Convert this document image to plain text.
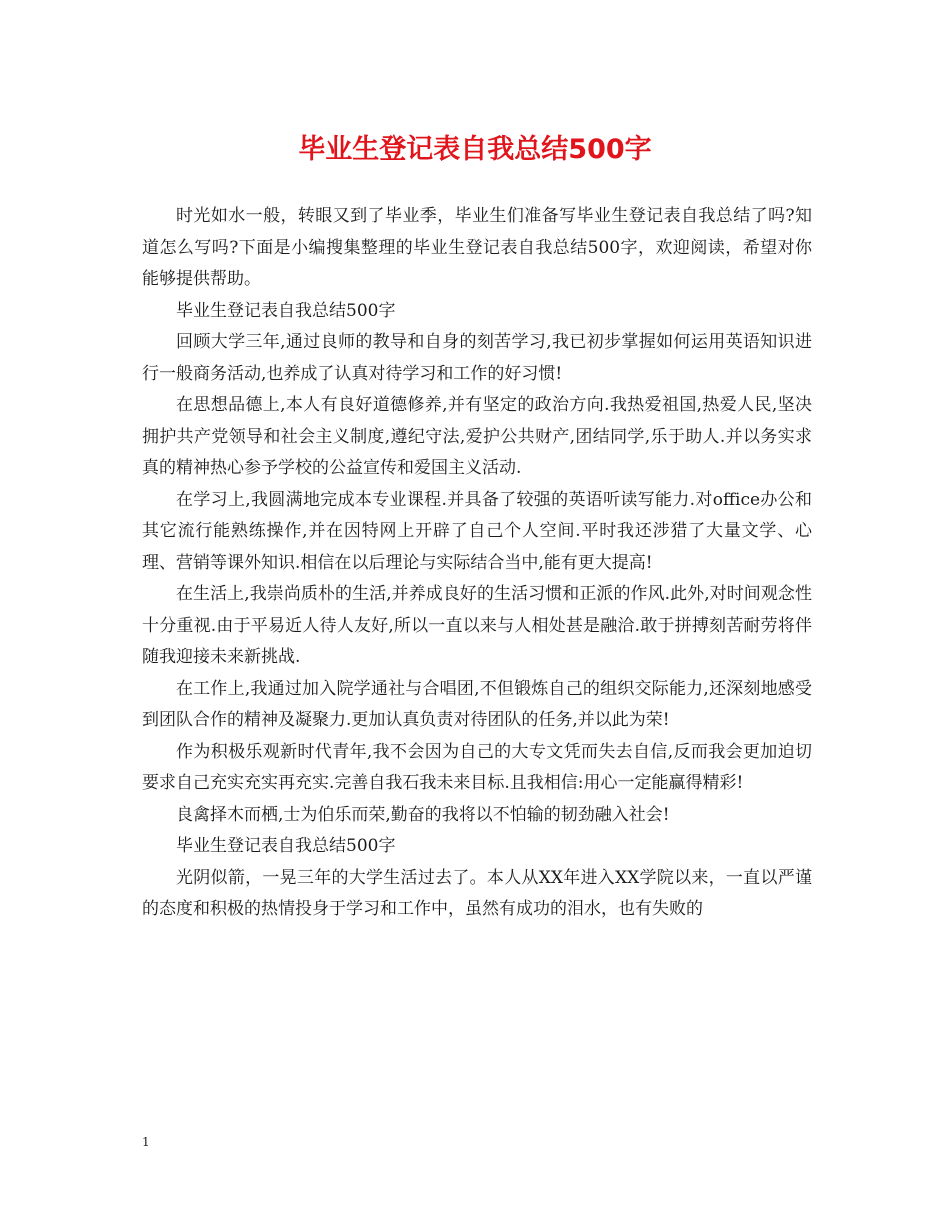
毕业生登记表自我总结500字

时光如水一般，转眼又到了毕业季，毕业生们准备写毕业生登记表自我总结了吗?知道怎么写吗?下面是小编搜集整理的毕业生登记表自我总结500字，欢迎阅读，希望对你能够提供帮助。

毕业生登记表自我总结500字

回顾大学三年,通过良师的教导和自身的刻苦学习,我已初步掌握如何运用英语知识进行一般商务活动,也养成了认真对待学习和工作的好习惯!

在思想品德上,本人有良好道德修养,并有坚定的政治方向.我热爱祖国,热爱人民,坚决拥护共产党领导和社会主义制度,遵纪守法,爱护公共财产,团结同学,乐于助人.并以务实求真的精神热心参予学校的公益宣传和爱国主义活动.

在学习上,我圆满地完成本专业课程.并具备了较强的英语听读写能力.对office办公和其它流行能熟练操作,并在因特网上开辟了自己个人空间.平时我还涉猎了大量文学、心理、营销等课外知识.相信在以后理论与实际结合当中,能有更大提高!

在生活上,我崇尚质朴的生活,并养成良好的生活习惯和正派的作风.此外,对时间观念性十分重视.由于平易近人待人友好,所以一直以来与人相处甚是融洽.敢于拼搏刻苦耐劳将伴随我迎接未来新挑战.

在工作上,我通过加入院学通社与合唱团,不但锻炼自己的组织交际能力,还深刻地感受到团队合作的精神及凝聚力.更加认真负责对待团队的任务,并以此为荣!

作为积极乐观新时代青年,我不会因为自己的大专文凭而失去自信,反而我会更加迫切要求自己充实充实再充实.完善自我石我未来目标.且我相信:用心一定能赢得精彩!

良禽择木而栖,士为伯乐而荣,勤奋的我将以不怕输的韧劲融入社会!

毕业生登记表自我总结500字

光阴似箭，一晃三年的大学生活过去了。本人从XX年进入XX学院以来，一直以严谨的态度和积极的热情投身于学习和工作中，虽然有成功的泪水，也有失败的

1
